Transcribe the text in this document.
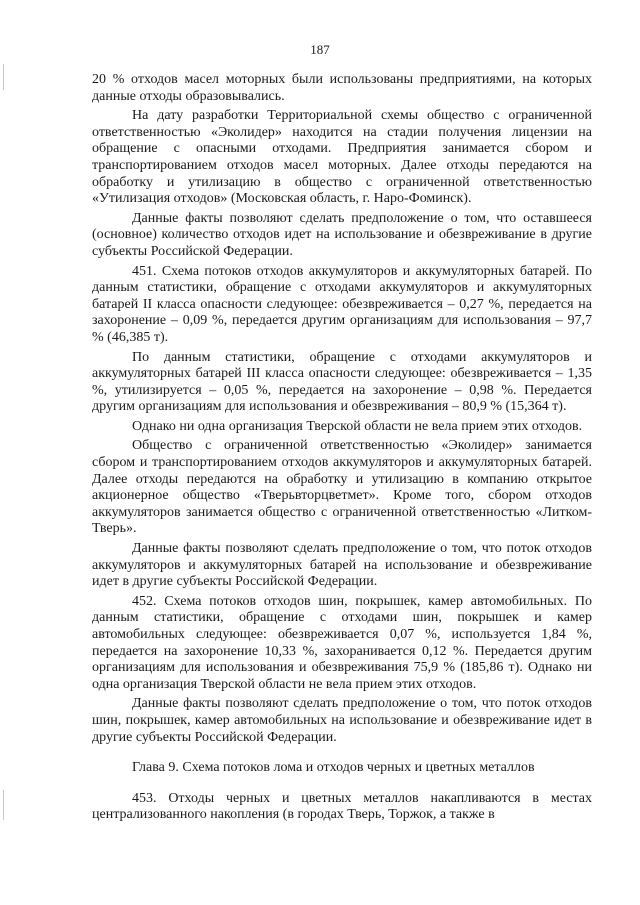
187

20 % отходов масел моторных были использованы предприятиями, на которых данные отходы образовывались.

На дату разработки Территориальной схемы общество с ограниченной ответственностью «Эколидер» находится на стадии получения лицензии на обращение с опасными отходами. Предприятия занимается сбором и транспортированием отходов масел моторных. Далее отходы передаются на обработку и утилизацию в общество с ограниченной ответственностью «Утилизация отходов» (Московская область, г. Наро-Фоминск).

Данные факты позволяют сделать предположение о том, что оставшееся (основное) количество отходов идет на использование и обезвреживание в другие субъекты Российской Федерации.

451. Схема потоков отходов аккумуляторов и аккумуляторных батарей. По данным статистики, обращение с отходами аккумуляторов и аккумуляторных батарей II класса опасности следующее: обезвреживается – 0,27 %, передается на захоронение – 0,09 %, передается другим организациям для использования – 97,7 % (46,385 т).

По данным статистики, обращение с отходами аккумуляторов и аккумуляторных батарей III класса опасности следующее: обезвреживается – 1,35 %, утилизируется – 0,05 %, передается на захоронение – 0,98 %. Передается другим организациям для использования и обезвреживания – 80,9 % (15,364 т).

Однако ни одна организация Тверской области не вела прием этих отходов.

Общество с ограниченной ответственностью «Эколидер» занимается сбором и транспортированием отходов аккумуляторов и аккумуляторных батарей. Далее отходы передаются на обработку и утилизацию в компанию открытое акционерное общество «Тверьвторцветмет». Кроме того, сбором отходов аккумуляторов занимается общество с ограниченной ответственностью «Литком-Тверь».

Данные факты позволяют сделать предположение о том, что поток отходов аккумуляторов и аккумуляторных батарей на использование и обезвреживание идет в другие субъекты Российской Федерации.

452. Схема потоков отходов шин, покрышек, камер автомобильных. По данным статистики, обращение с отходами шин, покрышек и камер автомобильных следующее: обезвреживается 0,07 %, используется 1,84 %, передается на захоронение 10,33 %, захоранивается 0,12 %. Передается другим организациям для использования и обезвреживания 75,9 % (185,86 т). Однако ни одна организация Тверской области не вела прием этих отходов.

Данные факты позволяют сделать предположение о том, что поток отходов шин, покрышек, камер автомобильных на использование и обезвреживание идет в другие субъекты Российской Федерации.

Глава 9. Схема потоков лома и отходов черных и цветных металлов

453. Отходы черных и цветных металлов накапливаются в местах централизованного накопления (в городах Тверь, Торжок, а также в
